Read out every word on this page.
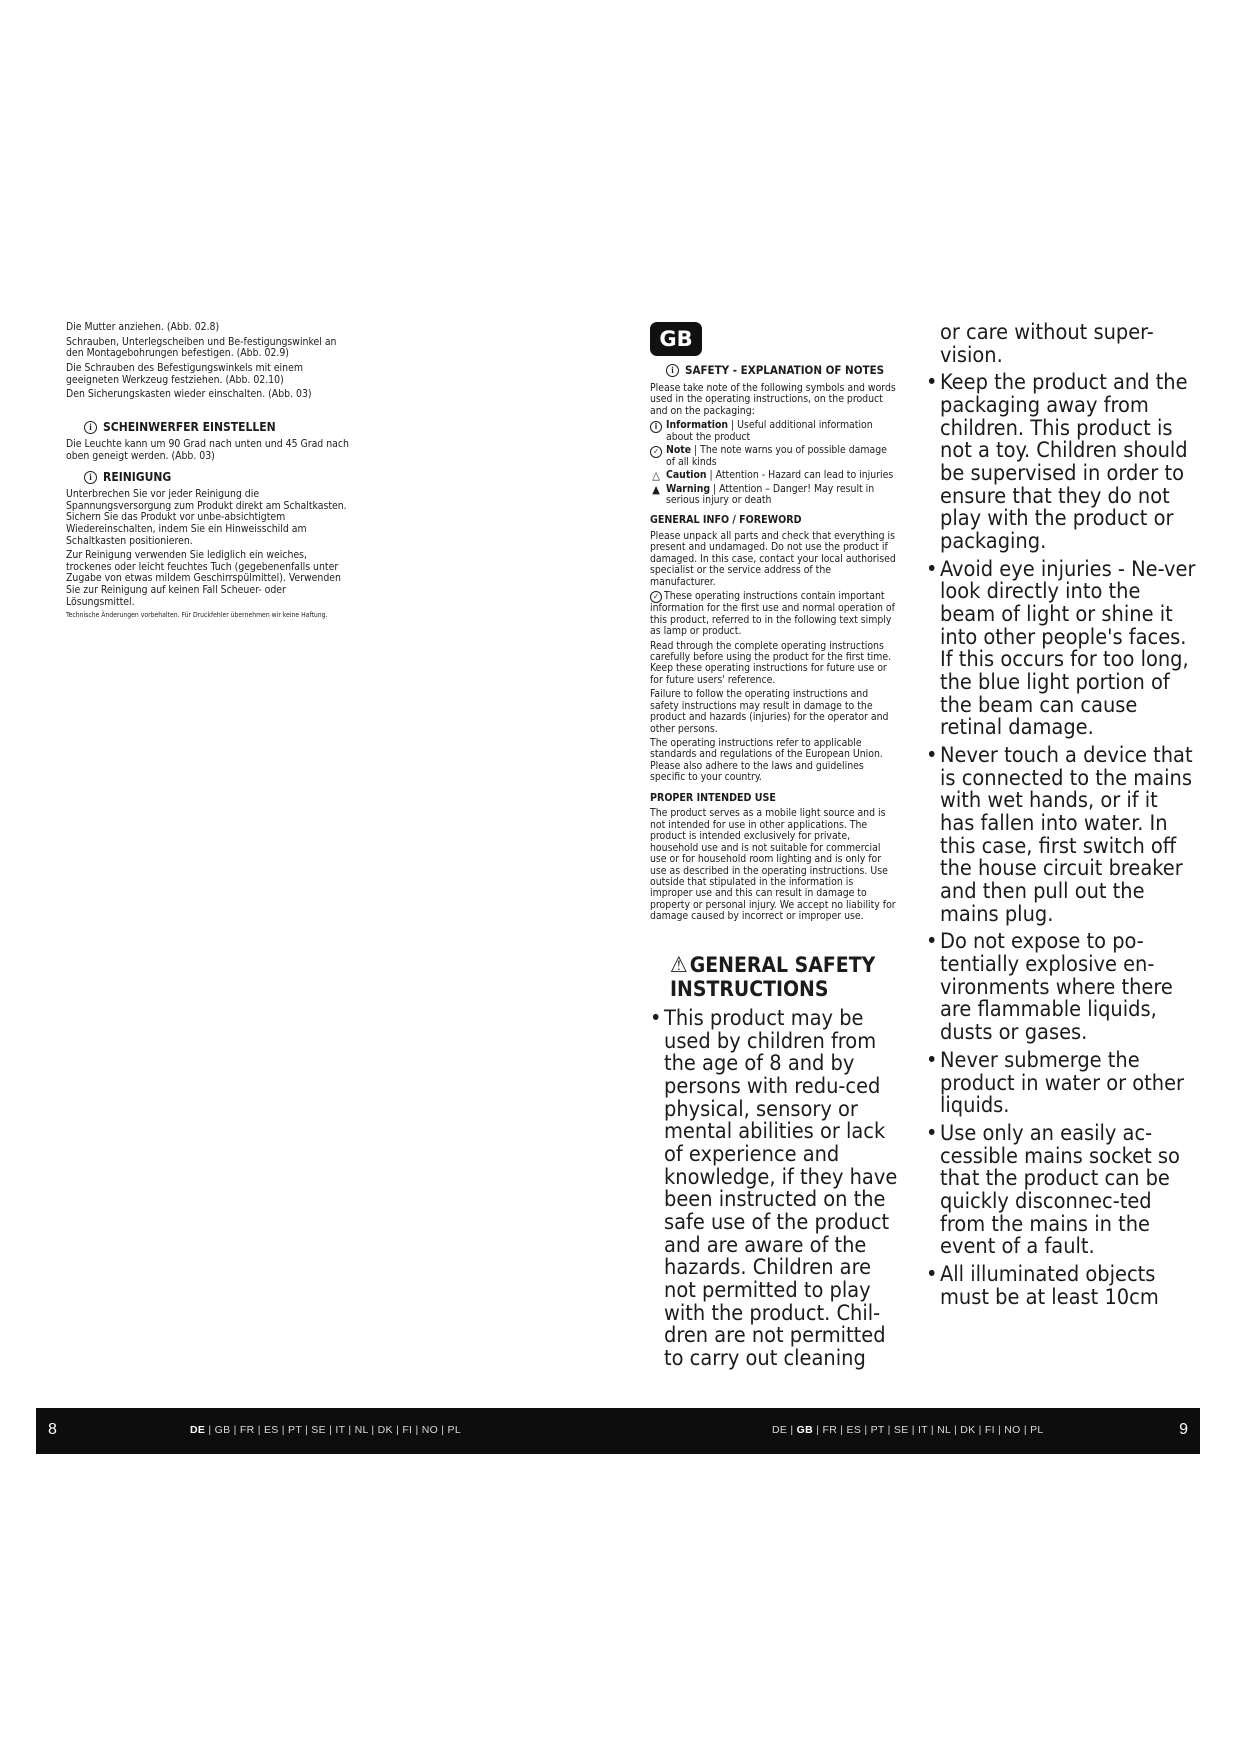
Die Mutter anziehen. (Abb. 02.8)

Schrauben, Unterlegscheiben und Be-festigungswinkel an den Montagebohrungen befestigen. (Abb. 02.9)

Die Schrauben des Befestigungswinkels mit einem geeigneten Werkzeug festziehen. (Abb. 02.10)

Den Sicherungskasten wieder einschalten. (Abb. 03)

i SCHEINWERFER EINSTELLEN

Die Leuchte kann um 90 Grad nach unten und 45 Grad nach oben geneigt werden. (Abb. 03)

i REINIGUNG

Unterbrechen Sie vor jeder Reinigung die Spannungsversorgung zum Produkt direkt am Schaltkasten. Sichern Sie das Produkt vor unbe-absichtigtem Wiedereinschalten, indem Sie ein Hinweisschild am Schaltkasten positionieren.

Zur Reinigung verwenden Sie lediglich ein weiches, trockenes oder leicht feuchtes Tuch (gegebenenfalls unter Zugabe von etwas mildem Geschirrspülmittel). Verwenden Sie zur Reinigung auf keinen Fall Scheuer- oder Lösungsmittel.

Technische Änderungen vorbehalten. Für Druckfehler übernehmen wir keine Haftung.

GB
i SAFETY - EXPLANATION OF NOTES

Please take note of the following symbols and words used in the operating instructions, on the product and on the packaging:

i Information | Useful additional information about the product
✓ Note | The note warns you of possible damage of all kinds
△ Caution | Attention - Hazard can lead to injuries
▲ Warning | Attention – Danger! May result in serious injury or death
GENERAL INFO / FOREWORD

Please unpack all parts and check that everything is present and undamaged. Do not use the product if damaged. In this case, contact your local authorised specialist or the service address of the manufacturer.

✓ These operating instructions contain important information for the first use and normal operation of this product, referred to in the following text simply as lamp or product.

Read through the complete operating instructions carefully before using the product for the first time. Keep these operating instructions for future use or for future users' reference.

Failure to follow the operating instructions and safety instructions may result in damage to the product and hazards (injuries) for the operator and other persons.

The operating instructions refer to applicable standards and regulations of the European Union. Please also adhere to the laws and guidelines specific to your country.

PROPER INTENDED USE

The product serves as a mobile light source and is not intended for use in other applications. The product is intended exclusively for private, household use and is not suitable for commercial use or for household room lighting and is only for use as described in the operating instructions. Use outside that stipulated in the information is improper use and this can result in damage to property or personal injury. We accept no liability for damage caused by incorrect or improper use.

⚠GENERAL SAFETY INSTRUCTIONS
• This product may be used by children from the age of 8 and by persons with redu-ced physical, sensory or mental abilities or lack of experience and knowledge, if they have been instructed on the safe use of the product and are aware of the hazards. Children are not permitted to play with the product. Chil-dren are not permitted to carry out cleaning
or care without super-vision.
• Keep the product and the packaging away from children. This product is not a toy. Children should be supervised in order to ensure that they do not play with the product or packaging.
• Avoid eye injuries - Ne-ver look directly into the beam of light or shine it into other people's faces. If this occurs for too long, the blue light portion of the beam can cause retinal damage.
• Never touch a device that is connected to the mains with wet hands, or if it has fallen into water. In this case, first switch off the house circuit breaker and then pull out the mains plug.
• Do not expose to po-tentially explosive en-vironments where there are flammable liquids, dusts or gases.
• Never submerge the product in water or other liquids.
• Use only an easily ac-cessible mains socket so that the product can be quickly disconnec-ted from the mains in the event of a fault.
• All illuminated objects must be at least 10cm
8	DE | GB | FR | ES | PT | SE | IT | NL | DK | FI | NO | PL	DE | GB | FR | ES | PT | SE | IT | NL | DK | FI | NO | PL	9
